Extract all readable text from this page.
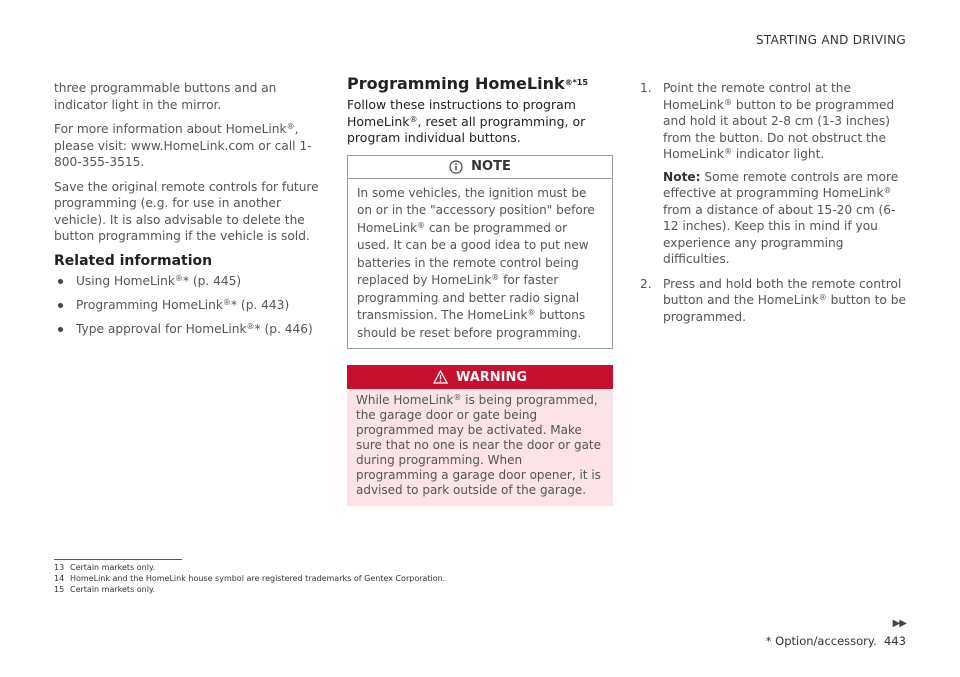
STARTING AND DRIVING

three programmable buttons and an indicator light in the mirror.

For more information about HomeLink®, please visit: www.HomeLink.com or call 1-800-355-3515.

Save the original remote controls for future programming (e.g. for use in another vehicle). It is also advisable to delete the button programming if the vehicle is sold.

Related information
Using HomeLink®* (p. 445)
Programming HomeLink®* (p. 443)
Type approval for HomeLink®* (p. 446)
Programming HomeLink$^{®*15}$
Follow these instructions to program HomeLink®, reset all programming, or program individual buttons.
NOTE

In some vehicles, the ignition must be on or in the "accessory position" before HomeLink® can be programmed or used. It can be a good idea to put new batteries in the remote control being replaced by HomeLink® for faster programming and better radio signal transmission. The HomeLink® buttons should be reset before programming.

WARNING

While HomeLink® is being programmed, the garage door or gate being programmed may be activated. Make sure that no one is near the door or gate during programming. When programming a garage door opener, it is advised to park outside of the garage.

1. Point the remote control at the HomeLink® button to be programmed and hold it about 2-8 cm (1-3 inches) from the button. Do not obstruct the HomeLink® indicator light.

Note: Some remote controls are more effective at programming HomeLink® from a distance of about 15-20 cm (6-12 inches). Keep this in mind if you experience any programming difficulties.

2. Press and hold both the remote control button and the HomeLink® button to be programmed.

13 Certain markets only.
14 HomeLink and the HomeLink house symbol are registered trademarks of Gentex Corporation.
15 Certain markets only.
▶▶
* Option/accessory. 443
